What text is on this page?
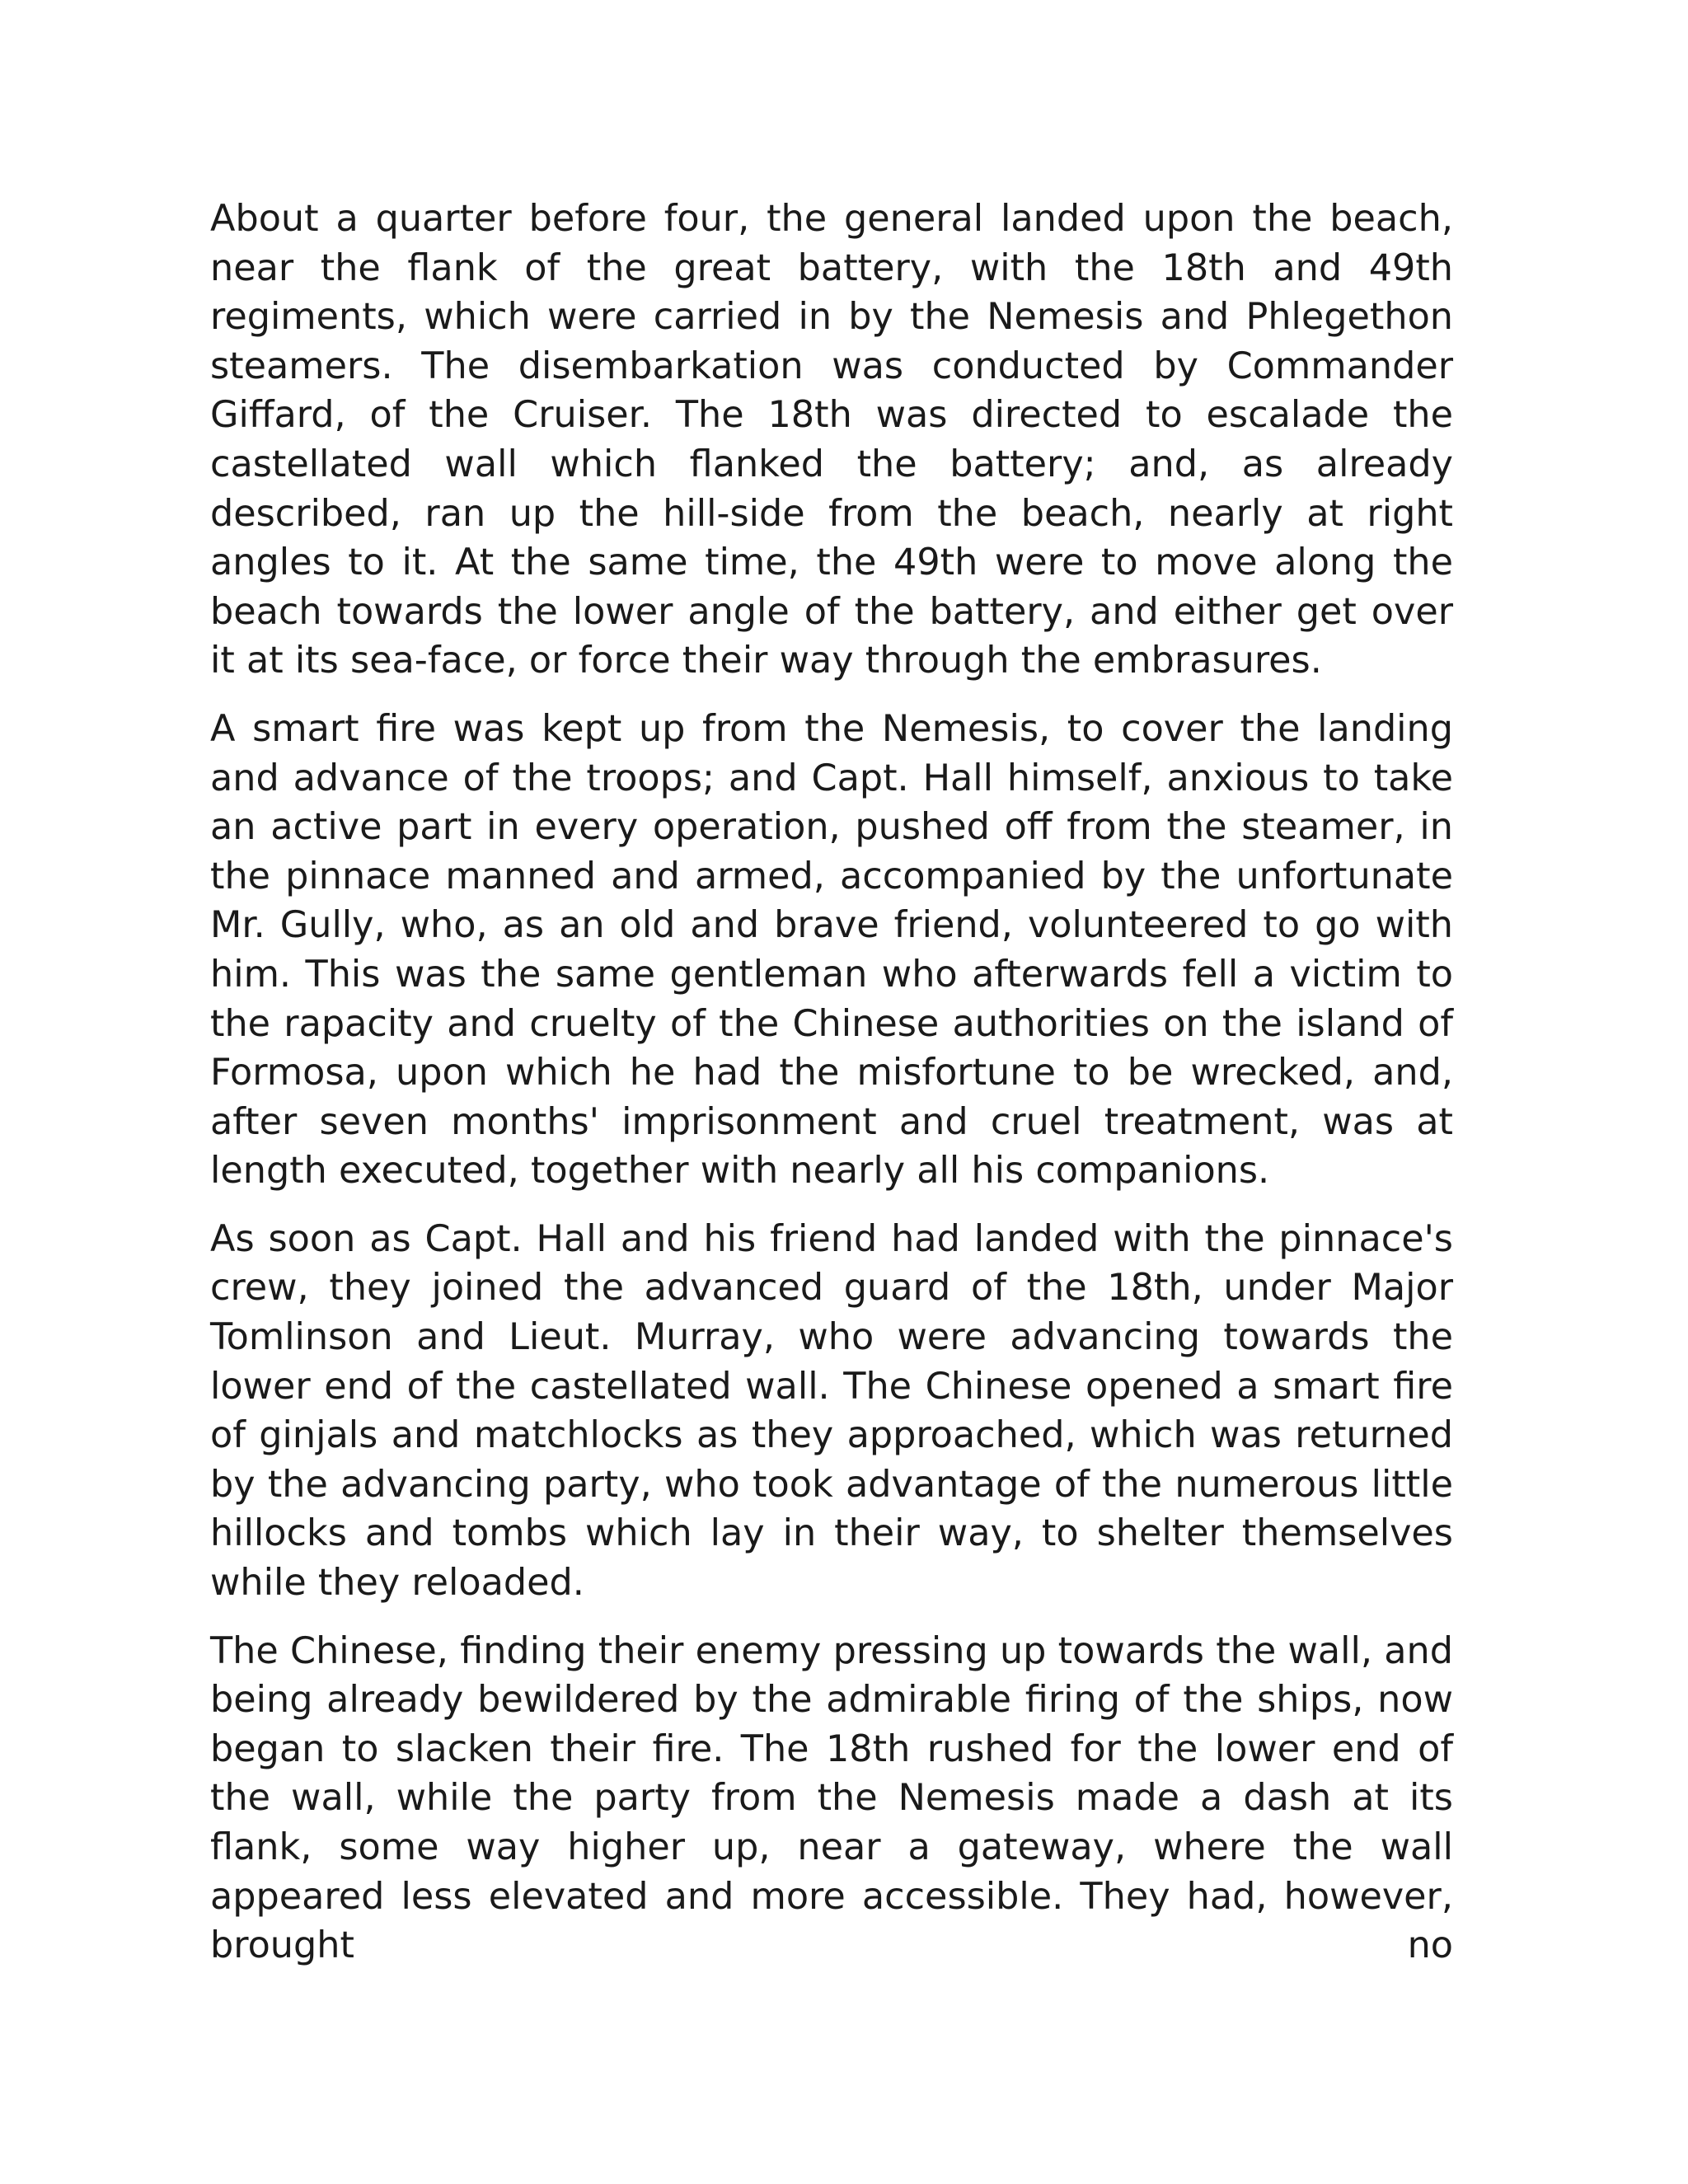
About a quarter before four, the general landed upon the beach, near the flank of the great battery, with the 18th and 49th regiments, which were carried in by the Nemesis and Phlegethon steamers. The disembarkation was conducted by Commander Giffard, of the Cruiser. The 18th was directed to escalade the castellated wall which flanked the battery; and, as already described, ran up the hill-side from the beach, nearly at right angles to it. At the same time, the 49th were to move along the beach towards the lower angle of the battery, and either get over it at its sea-face, or force their way through the embrasures.

A smart fire was kept up from the Nemesis, to cover the landing and advance of the troops; and Capt. Hall himself, anxious to take an active part in every operation, pushed off from the steamer, in the pinnace manned and armed, accompanied by the unfortunate Mr. Gully, who, as an old and brave friend, volunteered to go with him. This was the same gentleman who afterwards fell a victim to the rapacity and cruelty of the Chinese authorities on the island of Formosa, upon which he had the misfortune to be wrecked, and, after seven months' imprisonment and cruel treatment, was at length executed, together with nearly all his companions.

As soon as Capt. Hall and his friend had landed with the pinnace's crew, they joined the advanced guard of the 18th, under Major Tomlinson and Lieut. Murray, who were advancing towards the lower end of the castellated wall. The Chinese opened a smart fire of ginjals and matchlocks as they approached, which was returned by the advancing party, who took advantage of the numerous little hillocks and tombs which lay in their way, to shelter themselves while they reloaded.

The Chinese, finding their enemy pressing up towards the wall, and being already bewildered by the admirable firing of the ships, now began to slacken their fire. The 18th rushed for the lower end of the wall, while the party from the Nemesis made a dash at its flank, some way higher up, near a gateway, where the wall appeared less elevated and more accessible. They had, however, brought no
